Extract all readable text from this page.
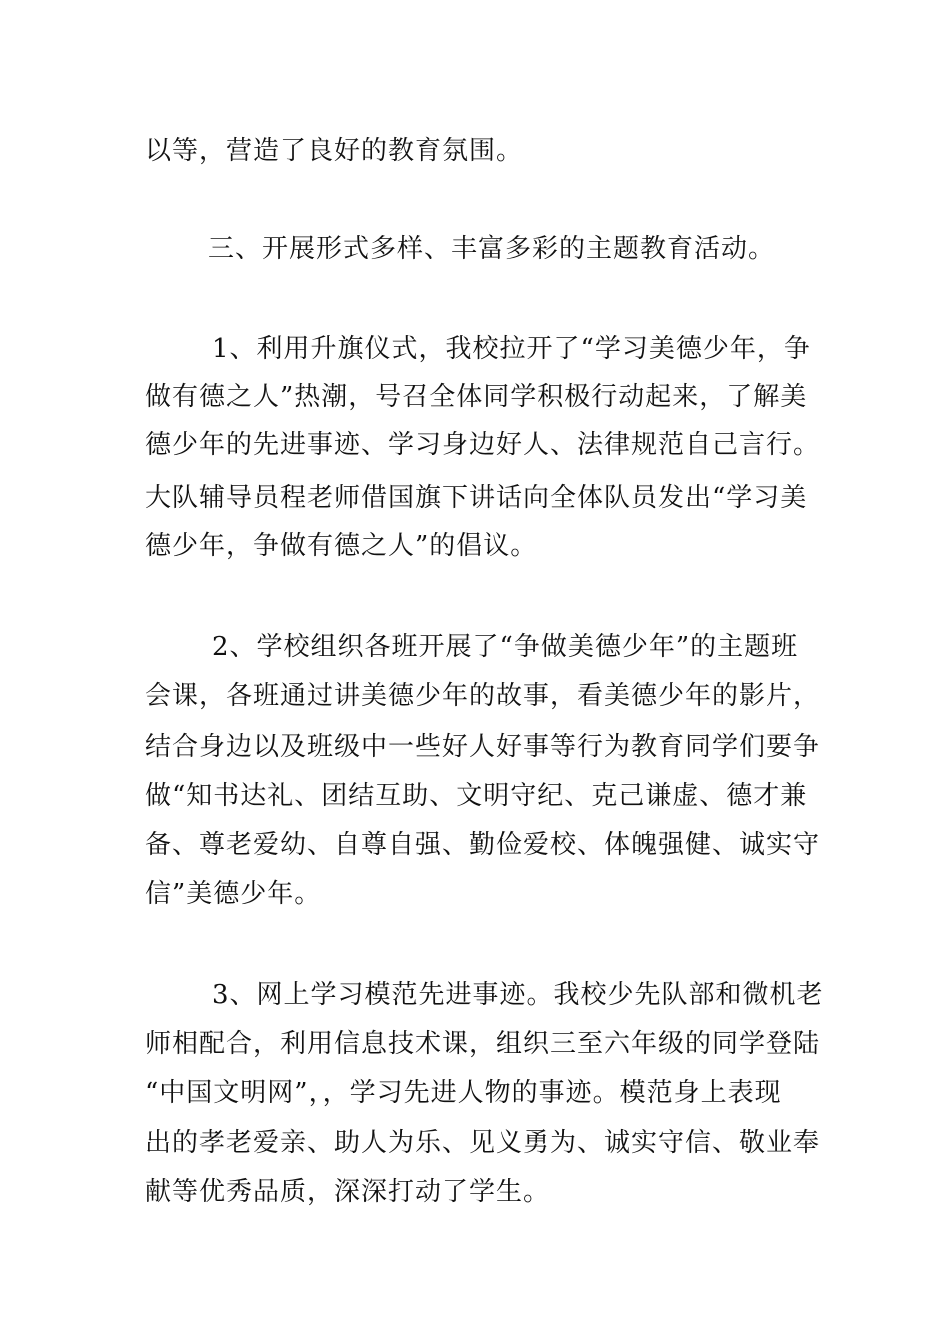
以等，营造了良好的教育氛围。

三、开展形式多样、丰富多彩的主题教育活动。

1、利用升旗仪式，我校拉开了“学习美德少年，争

做有德之人”热潮，号召全体同学积极行动起来，了解美

德少年的先进事迹、学习身边好人、法律规范自己言行。

大队辅导员程老师借国旗下讲话向全体队员发出“学习美

德少年，争做有德之人”的倡议。

2、学校组织各班开展了“争做美德少年”的主题班

会课，各班通过讲美德少年的故事，看美德少年的影片，

结合身边以及班级中一些好人好事等行为教育同学们要争

做“知书达礼、团结互助、文明守纪、克己谦虚、德才兼

备、尊老爱幼、自尊自强、勤俭爱校、体魄强健、诚实守

信”美德少年。

3、网上学习模范先进事迹。我校少先队部和微机老

师相配合，利用信息技术课，组织三至六年级的同学登陆

“中国文明网”，，学习先进人物的事迹。模范身上表现

出的孝老爱亲、助人为乐、见义勇为、诚实守信、敬业奉

献等优秀品质，深深打动了学生。
